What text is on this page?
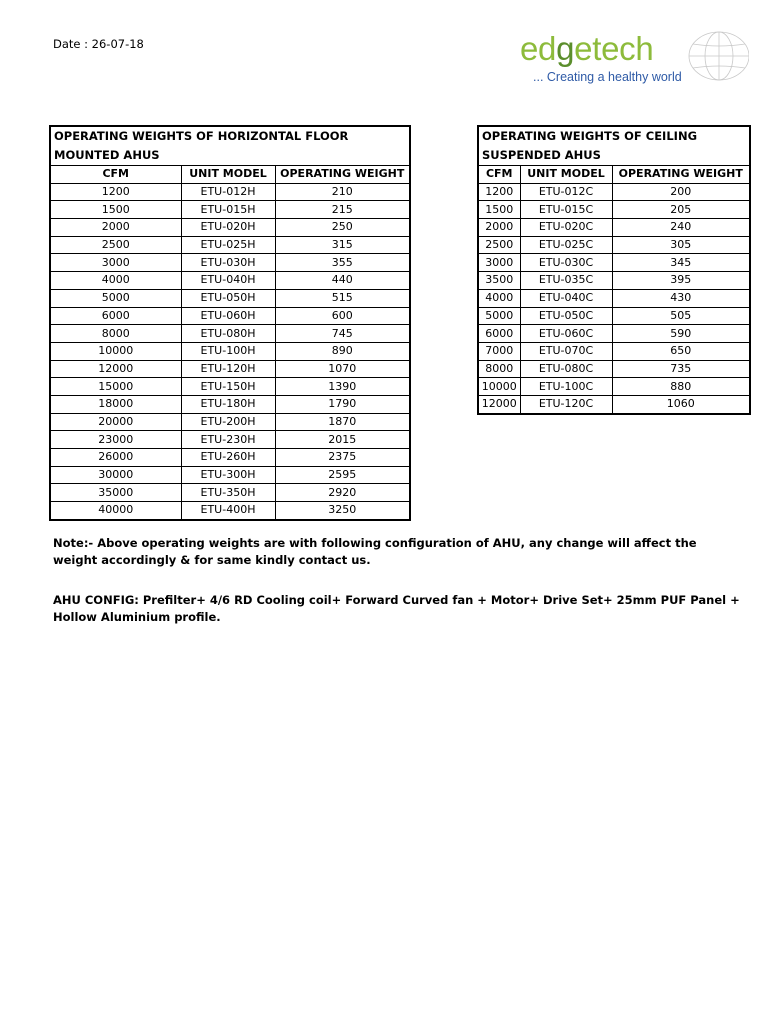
Date : 26-07-18	edgetech
... Creating a healthy world
OPERATING WEIGHTS OF HORIZONTAL FLOOR MOUNTED AHUS		
CFM	UNIT MODEL	OPERATING WEIGHT
1200	ETU-012H	210
1500	ETU-015H	215
2000	ETU-020H	250
2500	ETU-025H	315
3000	ETU-030H	355
4000	ETU-040H	440
5000	ETU-050H	515
6000	ETU-060H	600
8000	ETU-080H	745
10000	ETU-100H	890
12000	ETU-120H	1070
15000	ETU-150H	1390
18000	ETU-180H	1790
20000	ETU-200H	1870
23000	ETU-230H	2015
26000	ETU-260H	2375
30000	ETU-300H	2595
35000	ETU-350H	2920
40000	ETU-400H	3250
OPERATING WEIGHTS OF CEILING SUSPENDED AHUS		
CFM	UNIT MODEL	OPERATING WEIGHT
1200	ETU-012C	200
1500	ETU-015C	205
2000	ETU-020C	240
2500	ETU-025C	305
3000	ETU-030C	345
3500	ETU-035C	395
4000	ETU-040C	430
5000	ETU-050C	505
6000	ETU-060C	590
7000	ETU-070C	650
8000	ETU-080C	735
10000	ETU-100C	880
12000	ETU-120C	1060
Note:- Above operating weights are with following configuration of AHU, any change will affect the weight accordingly & for same kindly contact us.
AHU CONFIG: Prefilter+ 4/6 RD Cooling coil+ Forward Curved fan + Motor+ Drive Set+ 25mm PUF Panel + Hollow Aluminium profile.
